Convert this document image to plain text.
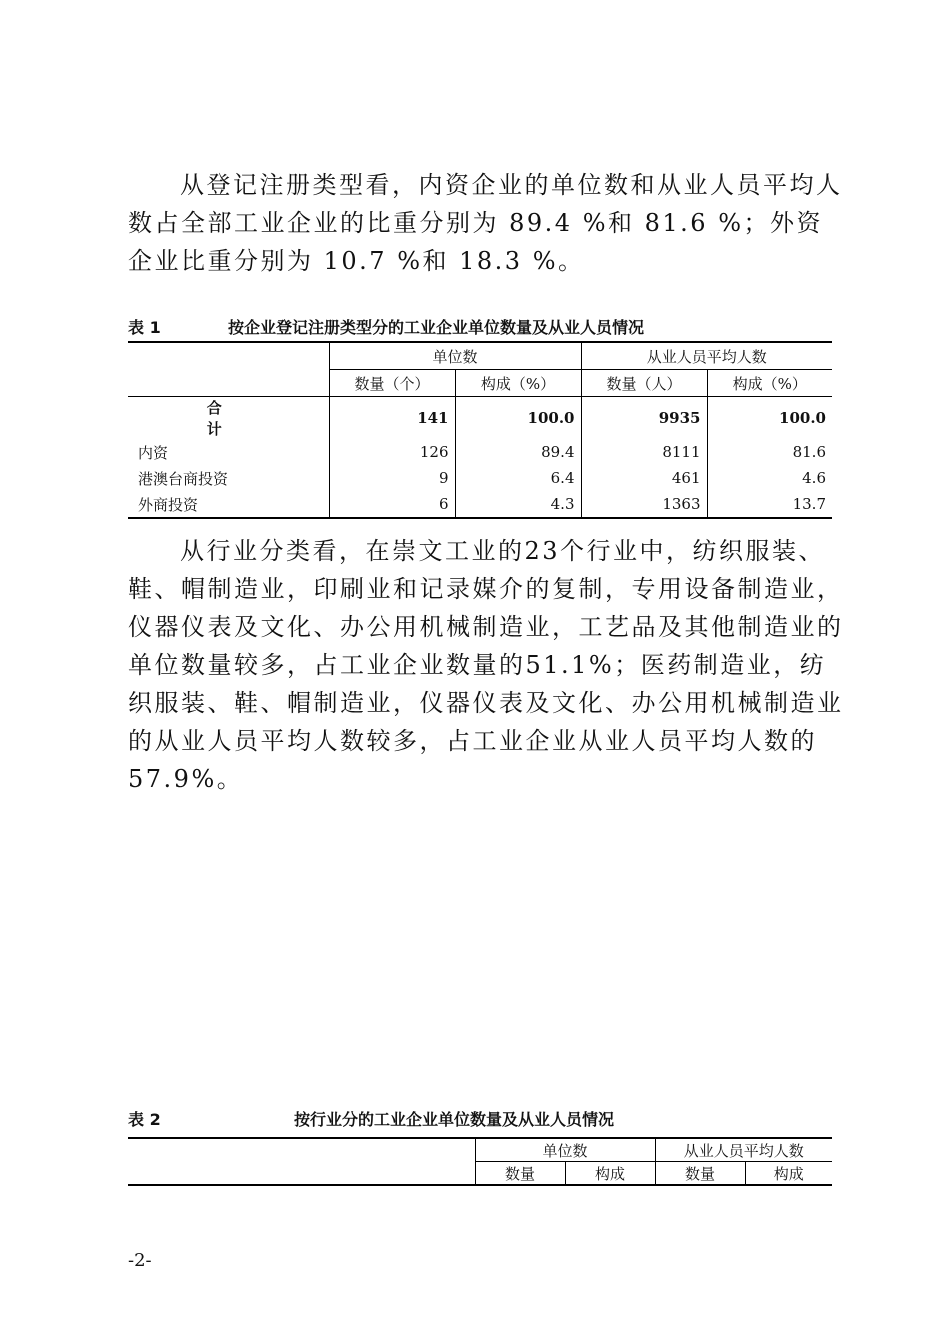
从登记注册类型看，内资企业的单位数和从业人员平均人数占全部工业企业的比重分别为 89.4 %和 81.6 %；外资企业比重分别为 10.7 %和 18.3 %。

表 1	按企业登记注册类型分的工业企业单位数量及从业人员情况
	单位数		从业人员平均人数	
	数量（个）	构成（%）	数量（人）	构成（%）
合　　计	141	100.0	9935	100.0
内资	126	89.4	8111	81.6
港澳台商投资	9	6.4	461	4.6
外商投资	6	4.3	1363	13.7

从行业分类看，在崇文工业的23个行业中，纺织服装、鞋、帽制造业，印刷业和记录媒介的复制，专用设备制造业，仪器仪表及文化、办公用机械制造业，工艺品及其他制造业的单位数量较多，占工业企业数量的51.1%；医药制造业，纺织服装、鞋、帽制造业，仪器仪表及文化、办公用机械制造业的从业人员平均人数较多，占工业企业从业人员平均人数的57.9%。

表 2	按行业分的工业企业单位数量及从业人员情况
	单位数		从业人员平均人数	
	数量	构成	数量	构成
-2-
